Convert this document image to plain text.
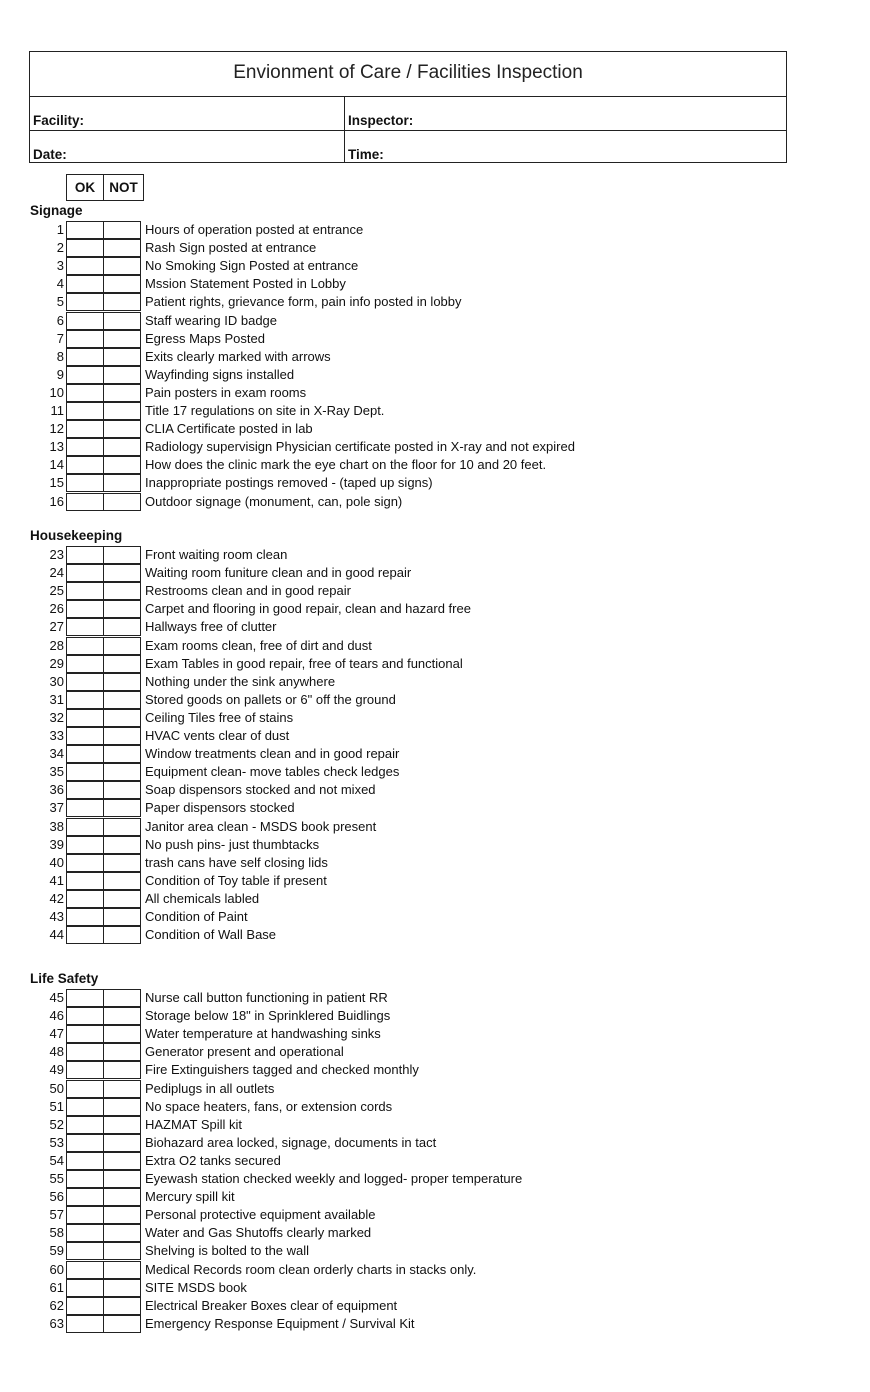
Envionment of Care / Facilities Inspection
Facility:	Inspector:
Date:	Time:
OK	NOT
Signage
1	Hours of operation posted at entrance
2	Rash Sign posted at entrance
3	No Smoking Sign Posted at entrance
4	Mssion Statement Posted in Lobby
5	Patient rights, grievance form, pain info posted in lobby
6	Staff wearing ID badge
7	Egress Maps Posted
8	Exits clearly marked with arrows
9	Wayfinding signs installed
10	Pain posters in exam rooms
11	Title 17 regulations on site in X-Ray Dept.
12	CLIA Certificate posted in lab
13	Radiology supervisign Physician certificate posted in X-ray and not expired
14	How does the clinic mark the eye chart on the floor for 10 and 20 feet.
15	Inappropriate postings removed - (taped up signs)
16	Outdoor signage (monument, can, pole sign)
Housekeeping
23	Front waiting room clean
24	Waiting room funiture clean and in good repair
25	Restrooms clean and in good repair
26	Carpet and flooring in good repair, clean and hazard free
27	Hallways free of clutter
28	Exam rooms clean, free of dirt and dust
29	Exam Tables in good repair, free of tears and functional
30	Nothing under the sink anywhere
31	Stored goods on pallets or 6" off the ground
32	Ceiling Tiles free of stains
33	HVAC vents clear of dust
34	Window treatments clean and in good repair
35	Equipment clean- move tables check ledges
36	Soap dispensors stocked and not mixed
37	Paper dispensors stocked
38	Janitor area clean - MSDS book present
39	No push pins- just thumbtacks
40	trash cans have self closing lids
41	Condition of Toy table if present
42	All chemicals labled
43	Condition of Paint
44	Condition of Wall Base
Life Safety
45	Nurse call button functioning in patient RR
46	Storage below 18" in Sprinklered Buidlings
47	Water temperature at handwashing sinks
48	Generator present and operational
49	Fire Extinguishers tagged and checked monthly
50	Pediplugs in all outlets
51	No space heaters, fans, or extension cords
52	HAZMAT Spill kit
53	Biohazard area locked, signage, documents in tact
54	Extra O2 tanks secured
55	Eyewash station checked weekly and logged- proper temperature
56	Mercury spill kit
57	Personal protective equipment available
58	Water and Gas Shutoffs clearly marked
59	Shelving is bolted to the wall
60	Medical Records room clean orderly charts in stacks only.
61	SITE MSDS book
62	Electrical Breaker Boxes clear of equipment
63	Emergency Response Equipment / Survival Kit
